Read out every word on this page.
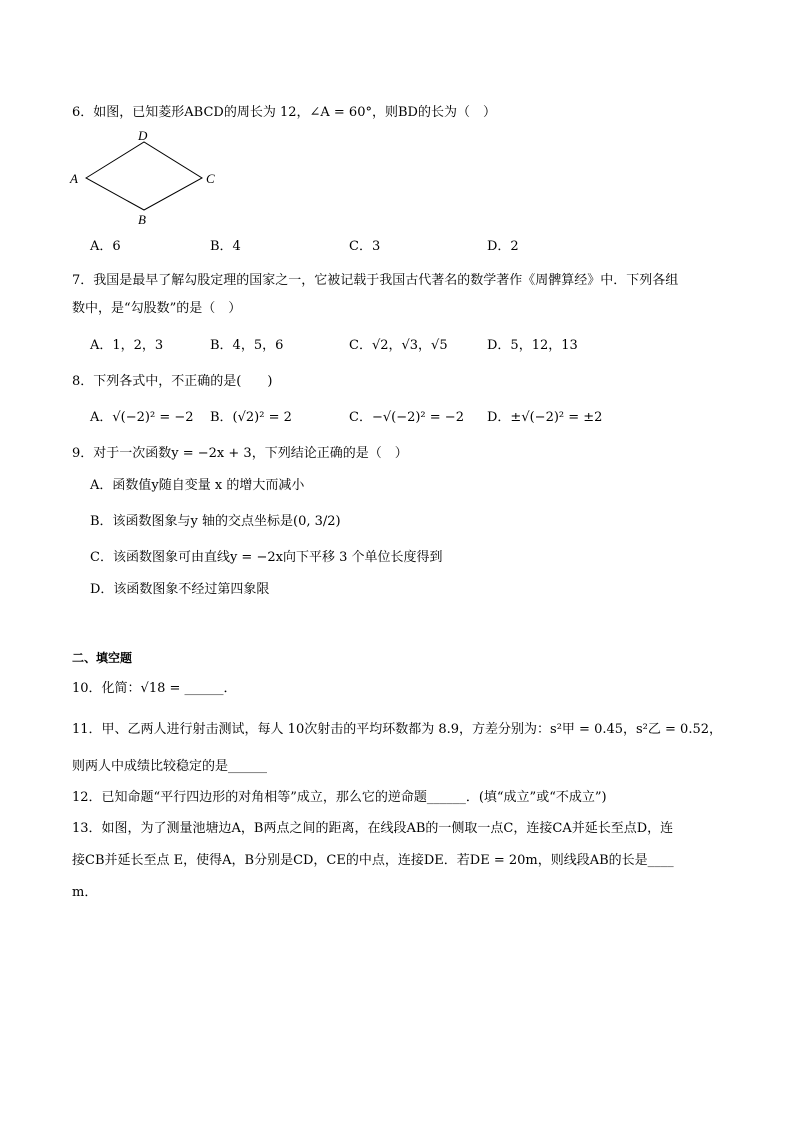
6．如图，已知菱形ABCD的周长为 12，∠A = 60°，则BD的长为（　）
A
D
C
B
A．6	B．4	C．3	D．2
7．我国是最早了解勾股定理的国家之一，它被记载于我国古代著名的数学著作《周髀算经》中．下列各组
数中，是“勾股数”的是（　）
A．1，2，3	B．4，5，6	C．√2，√3，√5	D．5，12，13
8．下列各式中，不正确的是(　　)
A．√(−2)² = −2 B．(√2)² = 2	C．−√(−2)² = −2 D．±√(−2)² = ±2
9．对于一次函数y = −2x + 3，下列结论正确的是（　）
A．函数值y随自变量 x 的增大而减小
B．该函数图象与y 轴的交点坐标是(0, 3/2)
C．该函数图象可由直线y = −2x向下平移 3 个单位长度得到
D．该函数图象不经过第四象限
二、填空题
10．化简：√18 = ______．
11．甲、乙两人进行射击测试，每人 10次射击的平均环数都为 8.9，方差分别为：s²甲 = 0.45，s²乙 = 0.52，
则两人中成绩比较稳定的是______
12．已知命题“平行四边形的对角相等”成立，那么它的逆命题______．(填“成立”或“不成立”)
13．如图，为了测量池塘边A，B两点之间的距离，在线段AB的一侧取一点C，连接CA并延长至点D，连
接CB并延长至点 E，使得A，B分别是CD，CE的中点，连接DE．若DE = 20m，则线段AB的长是____
m．
